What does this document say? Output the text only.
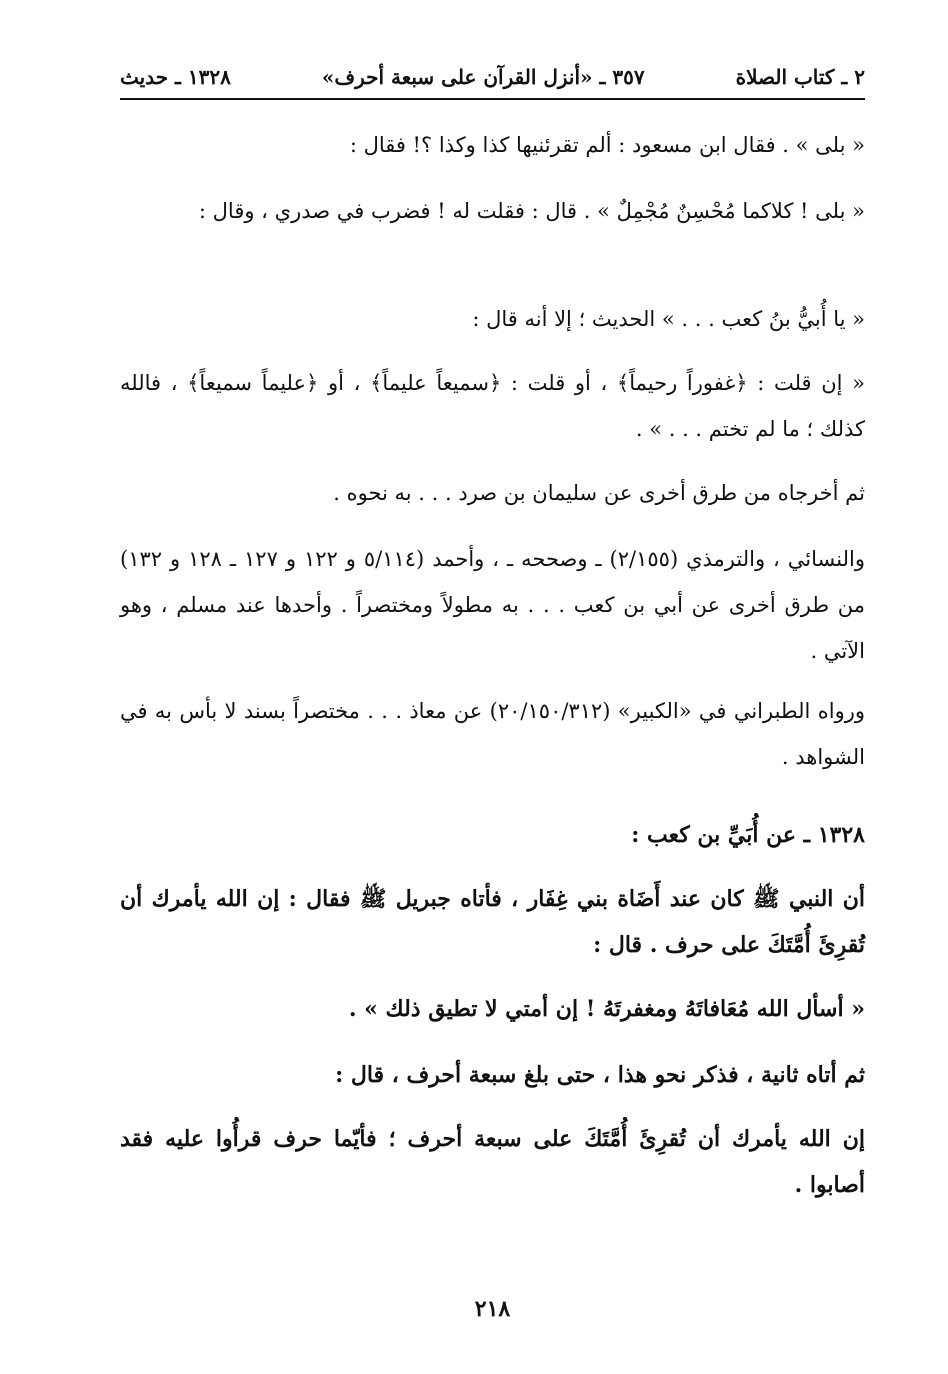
٢ ـ كتاب الصلاة
٣٥٧ ـ «أنزل القرآن على سبعة أحرف»
١٣٢٨ ـ حديث
« بلى » . فقال ابن مسعود : ألم تقرئنيها كذا وكذا ؟! فقال :
« بلى ! كلاكما مُحْسِنٌ مُجْمِلٌ » . قال : فقلت له ! فضرب في صدري ، وقال :
« يا أُبيُّ بنُ كعب . . . » الحديث ؛ إلا أنه قال :
« إن قلت : ﴿غفوراً رحيماً﴾ ، أو قلت : ﴿سميعاً عليماً﴾ ، أو ﴿عليماً سميعاً﴾ ، فالله كذلك ؛ ما لم تختم . . . » .
ثم أخرجاه من طرق أخرى عن سليمان بن صرد . . . به نحوه .
والنسائي ، والترمذي (٢/١٥٥) ـ وصححه ـ ، وأحمد (٥/١١٤ و ١٢٢ و ١٢٧ ـ ١٢٨ و ١٣٢) من طرق أخرى عن أبي بن كعب . . . به مطولاً ومختصراً . وأحدها عند مسلم ، وهو الآتي .
ورواه الطبراني في «الكبير» (٢٠/١٥٠/٣١٢) عن معاذ . . . مختصراً بسند لا بأس به في الشواهد .
١٣٢٨ ـ عن أُبَيِّ بن كعب :
أن النبي ﷺ كان عند أَضَاة بني غِفَار ، فأتاه جبريل ﷺ فقال : إن الله يأمرك أن تُقرِئَ أُمَّتَكَ على حرف . قال :
« أسأل الله مُعَافاتَهُ ومغفرتَهُ ! إن أمتي لا تطيق ذلك » .
ثم أتاه ثانية ، فذكر نحو هذا ، حتى بلغ سبعة أحرف ، قال :
إن الله يأمرك أن تُقرِئَ أُمَّتَكَ على سبعة أحرف ؛ فأيّما حرف قرأُوا عليه فقد أصابوا .
٢١٨
